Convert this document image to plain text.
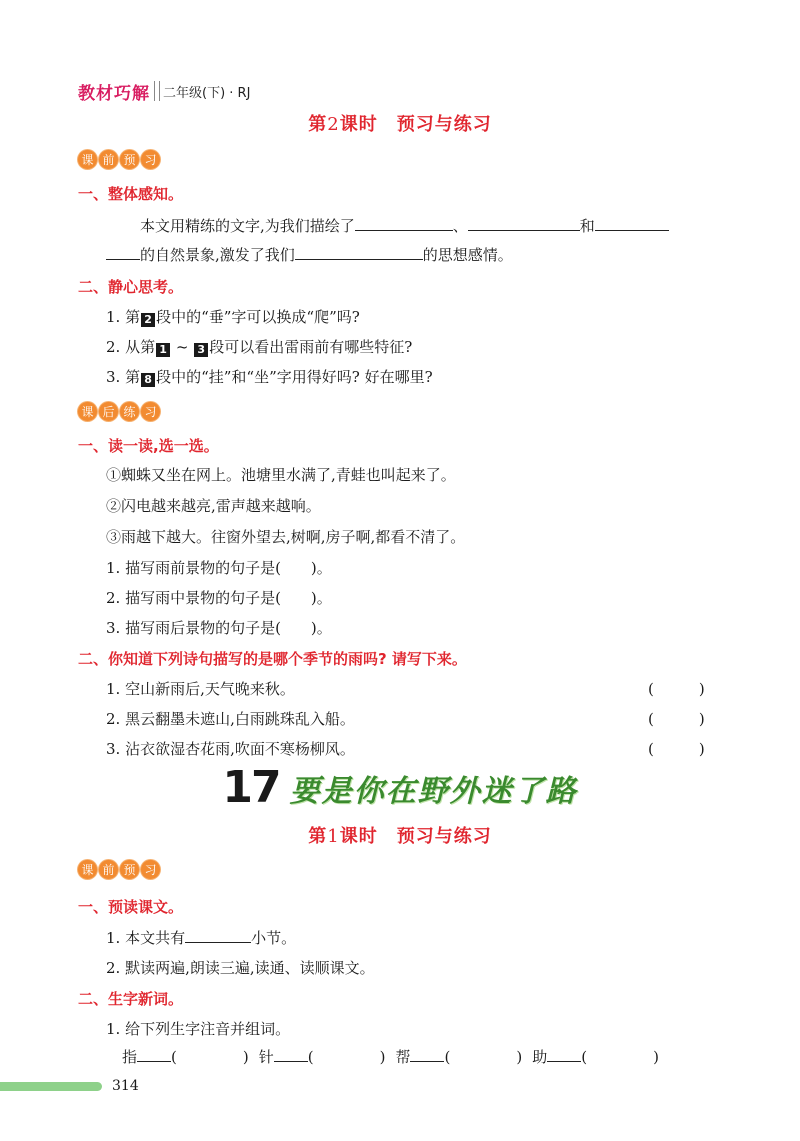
教材巧解 二年级(下) · RJ
第2课时　预习与练习
课 前 预 习
一、整体感知。
本文用精练的文字,为我们描绘了	、	和
的自然景象,激发了我们	的思想感情。
二、静心思考。
1. 第 2 段中的“垂”字可以换成“爬”吗?
2. 从第 1 ~ 3 段可以看出雷雨前有哪些特征?
3. 第 8 段中的“挂”和“坐”字用得好吗? 好在哪里?
课 后 练 习
一、读一读,选一选。
①蜘蛛又坐在网上。池塘里水满了,青蛙也叫起来了。
②闪电越来越亮,雷声越来越响。
③雨越下越大。往窗外望去,树啊,房子啊,都看不清了。
1. 描写雨前景物的句子是(　　)。
2. 描写雨中景物的句子是(　　)。
3. 描写雨后景物的句子是(　　)。
二、你知道下列诗句描写的是哪个季节的雨吗? 请写下来。
1. 空山新雨后,天气晚来秋。	(　　　)
2. 黑云翻墨未遮山,白雨跳珠乱入船。	(　　　)
3. 沾衣欲湿杏花雨,吹面不寒杨柳风。	(　　　)
17 要是你在野外迷了路
第1课时　预习与练习
课 前 预 习
一、预读课文。
1. 本文共有	小节。
2. 默读两遍,朗读三遍,读通、读顺课文。
二、生字新词。
1. 给下列生字注音并组词。
指 (	) 针 (	) 帮 (	) 助 (	)
314
